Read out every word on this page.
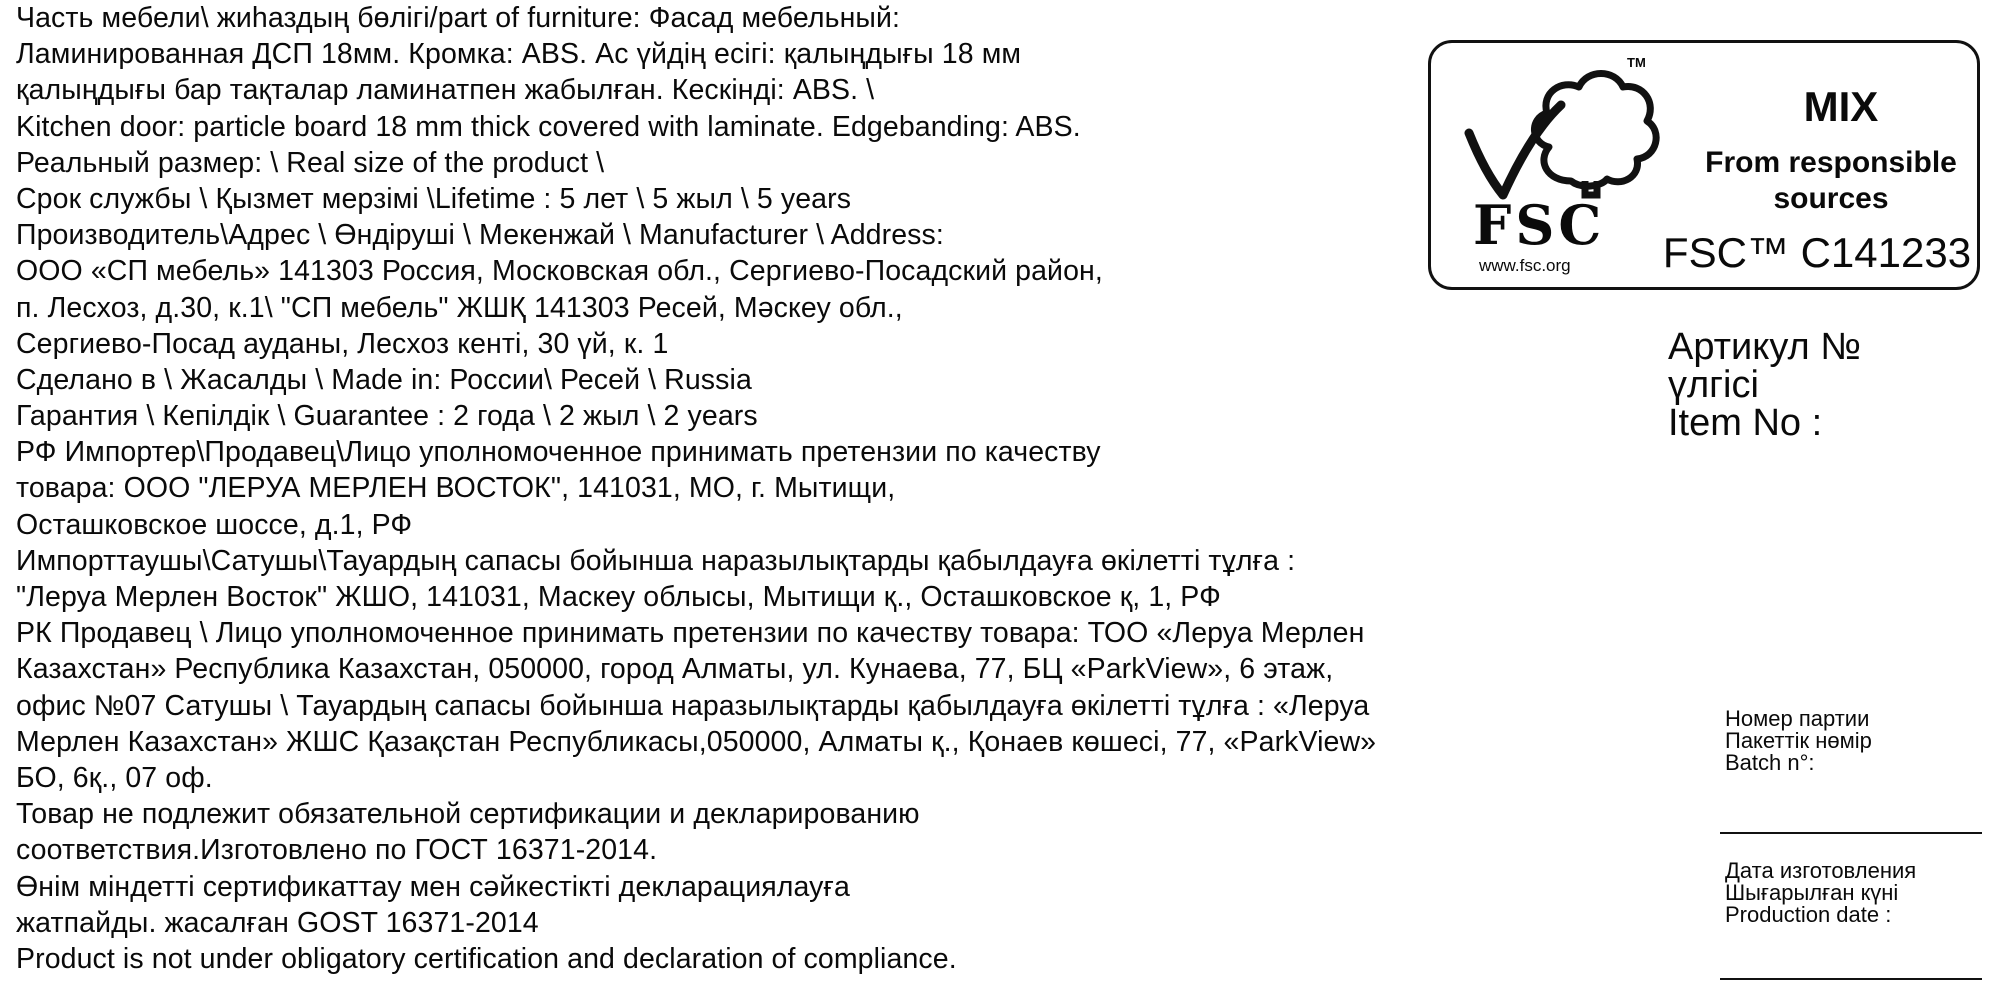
Часть мебели\ жиһаздың бөлігі/part of furniture: Фасад мебельный:
Ламинированная ДСП 18мм. Кромка: ABS. Ас үйдің есігі: қалыңдығы 18 мм
қалыңдығы бар тақталар ламинатпен жабылған. Кескінді: ABS. \
Kitchen door: particle board 18 mm thick covered with laminate. Edgebanding: ABS.
Реальный размер: \ Real size of the product \
Срок службы \ Қызмет мерзімі \Lifetime : 5 лет \ 5 жыл \ 5 years
Производитель\Адрес \ Өндіруші \ Мекенжай \ Manufacturer \ Address:
ООО «СП мебель» 141303 Россия, Московская обл., Сергиево-Посадский район,
п. Лесхоз, д.30, к.1\ "СП мебель" ЖШҚ 141303 Ресей, Мәскеу обл.,
Сергиево-Посад ауданы, Лесхоз кенті, 30 үй, к. 1
Сделано в \ Жасалды \ Made in: России\ Ресей \ Russia
Гарантия \ Кепілдік \ Guarantee : 2 года \ 2 жыл \ 2 years
РФ Импортер\Продавец\Лицо уполномоченное принимать претензии по качеству
товара: ООО "ЛЕРУА МЕРЛЕН ВОСТОК", 141031, МО, г. Мытищи,
Осташковское шоссе, д.1, РФ
Импорттаушы\Сатушы\Тауардың сапасы бойынша наразылықтарды қабылдауға өкілетті тұлға :
"Леруа Мерлен Восток" ЖШО, 141031, Маскеу облысы, Мытищи қ., Осташковское қ, 1, РФ
РК Продавец \ Лицо уполномоченное принимать претензии по качеству товара: ТОО «Леруа Мерлен
Казахстан» Республика Казахстан, 050000, город Алматы, ул. Кунаева, 77, БЦ «ParkView», 6 этаж,
офис №07 Сатушы \ Тауардың сапасы бойынша наразылықтарды қабылдауға өкілетті тұлға : «Леруа
Мерлен Казахстан» ЖШС Қазақстан Республикасы,050000, Алматы қ., Қонаев көшесі, 77, «ParkView»
БО, 6қ., 07 оф.
Товар не подлежит обязательной сертификации и декларированию
соответствия.Изготовлено по ГОСТ 16371-2014.
Өнім міндетті сертификаттау мен сәйкестікті декларациялауға
жатпайды. жасалған GOST 16371-2014
Product is not under obligatory certification and declaration of compliance.
FSC
TM
www.fsc.org
MIX
From responsible
sources
FSC™ C141233
Артикул №
үлгісі
Item No :
Номер партии
Пакеттік нөмір
Batch n°:
Дата изготовления
Шығарылған күні
Production date :
